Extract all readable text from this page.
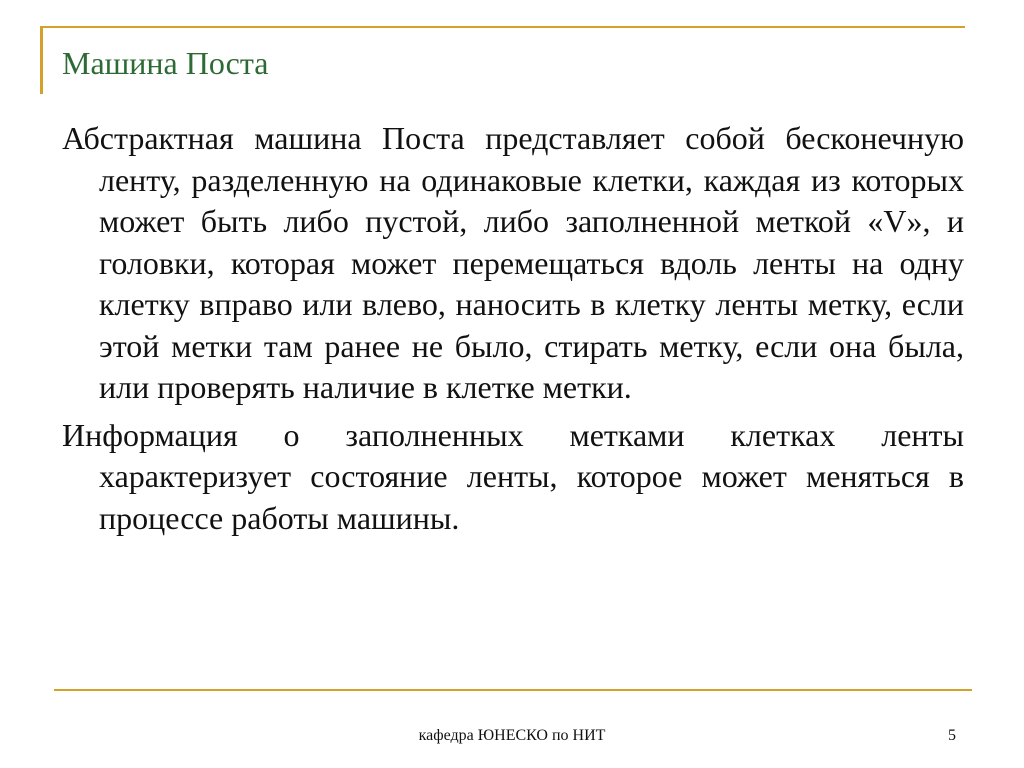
Машина Поста

Абстрактная машина Поста представляет собой бесконечную ленту, разделенную на одинаковые клетки, каждая из которых может быть либо пустой, либо заполненной меткой «V», и головки, которая может перемещаться вдоль ленты на одну клетку вправо или влево, наносить в клетку ленты метку, если этой метки там ранее не было, стирать метку, если она была, или проверять наличие в клетке метки.

Информация о заполненных метками клетках ленты характеризует состояние ленты, которое может меняться в процессе работы машины.

кафедра ЮНЕСКО по НИТ	5
